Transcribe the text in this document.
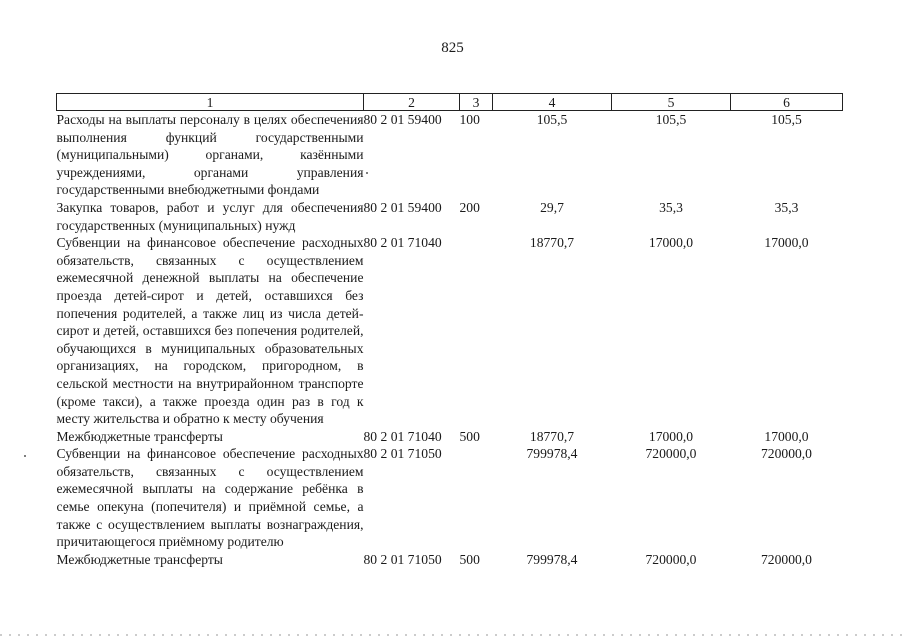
825
1	2	3	4	5	6
Расходы на выплаты персоналу в целях обеспечения выполнения функций государственными (муниципальными) органами, казёнными учреждениями, органами управления государственными внебюджетными фондами	80 2 01 59400	100	105,5	105,5	105,5
Закупка товаров, работ и услуг для обеспечения государственных (муниципальных) нужд	80 2 01 59400	200	29,7	35,3	35,3
Субвенции на финансовое обеспечение расходных обязательств, связанных с осуществлением ежемесячной денежной выплаты на обеспечение проезда детей-сирот и детей, оставшихся без попечения родителей, а также лиц из числа детей-сирот и детей, оставшихся без попечения родителей, обучающихся в муниципальных образовательных организациях, на городском, пригородном, в сельской местности на внутрирайонном транспорте (кроме такси), а также проезда один раз в год к месту жительства и обратно к месту обучения	80 2 01 71040		18770,7	17000,0	17000,0
Межбюджетные трансферты	80 2 01 71040	500	18770,7	17000,0	17000,0
Субвенции на финансовое обеспечение расходных обязательств, связанных с осуществлением ежемесячной выплаты на содержание ребёнка в семье опекуна (попечителя) и приёмной семье, а также с осуществлением выплаты вознаграждения, причитающегося приёмному родителю	80 2 01 71050		799978,4	720000,0	720000,0
Межбюджетные трансферты	80 2 01 71050	500	799978,4	720000,0	720000,0
